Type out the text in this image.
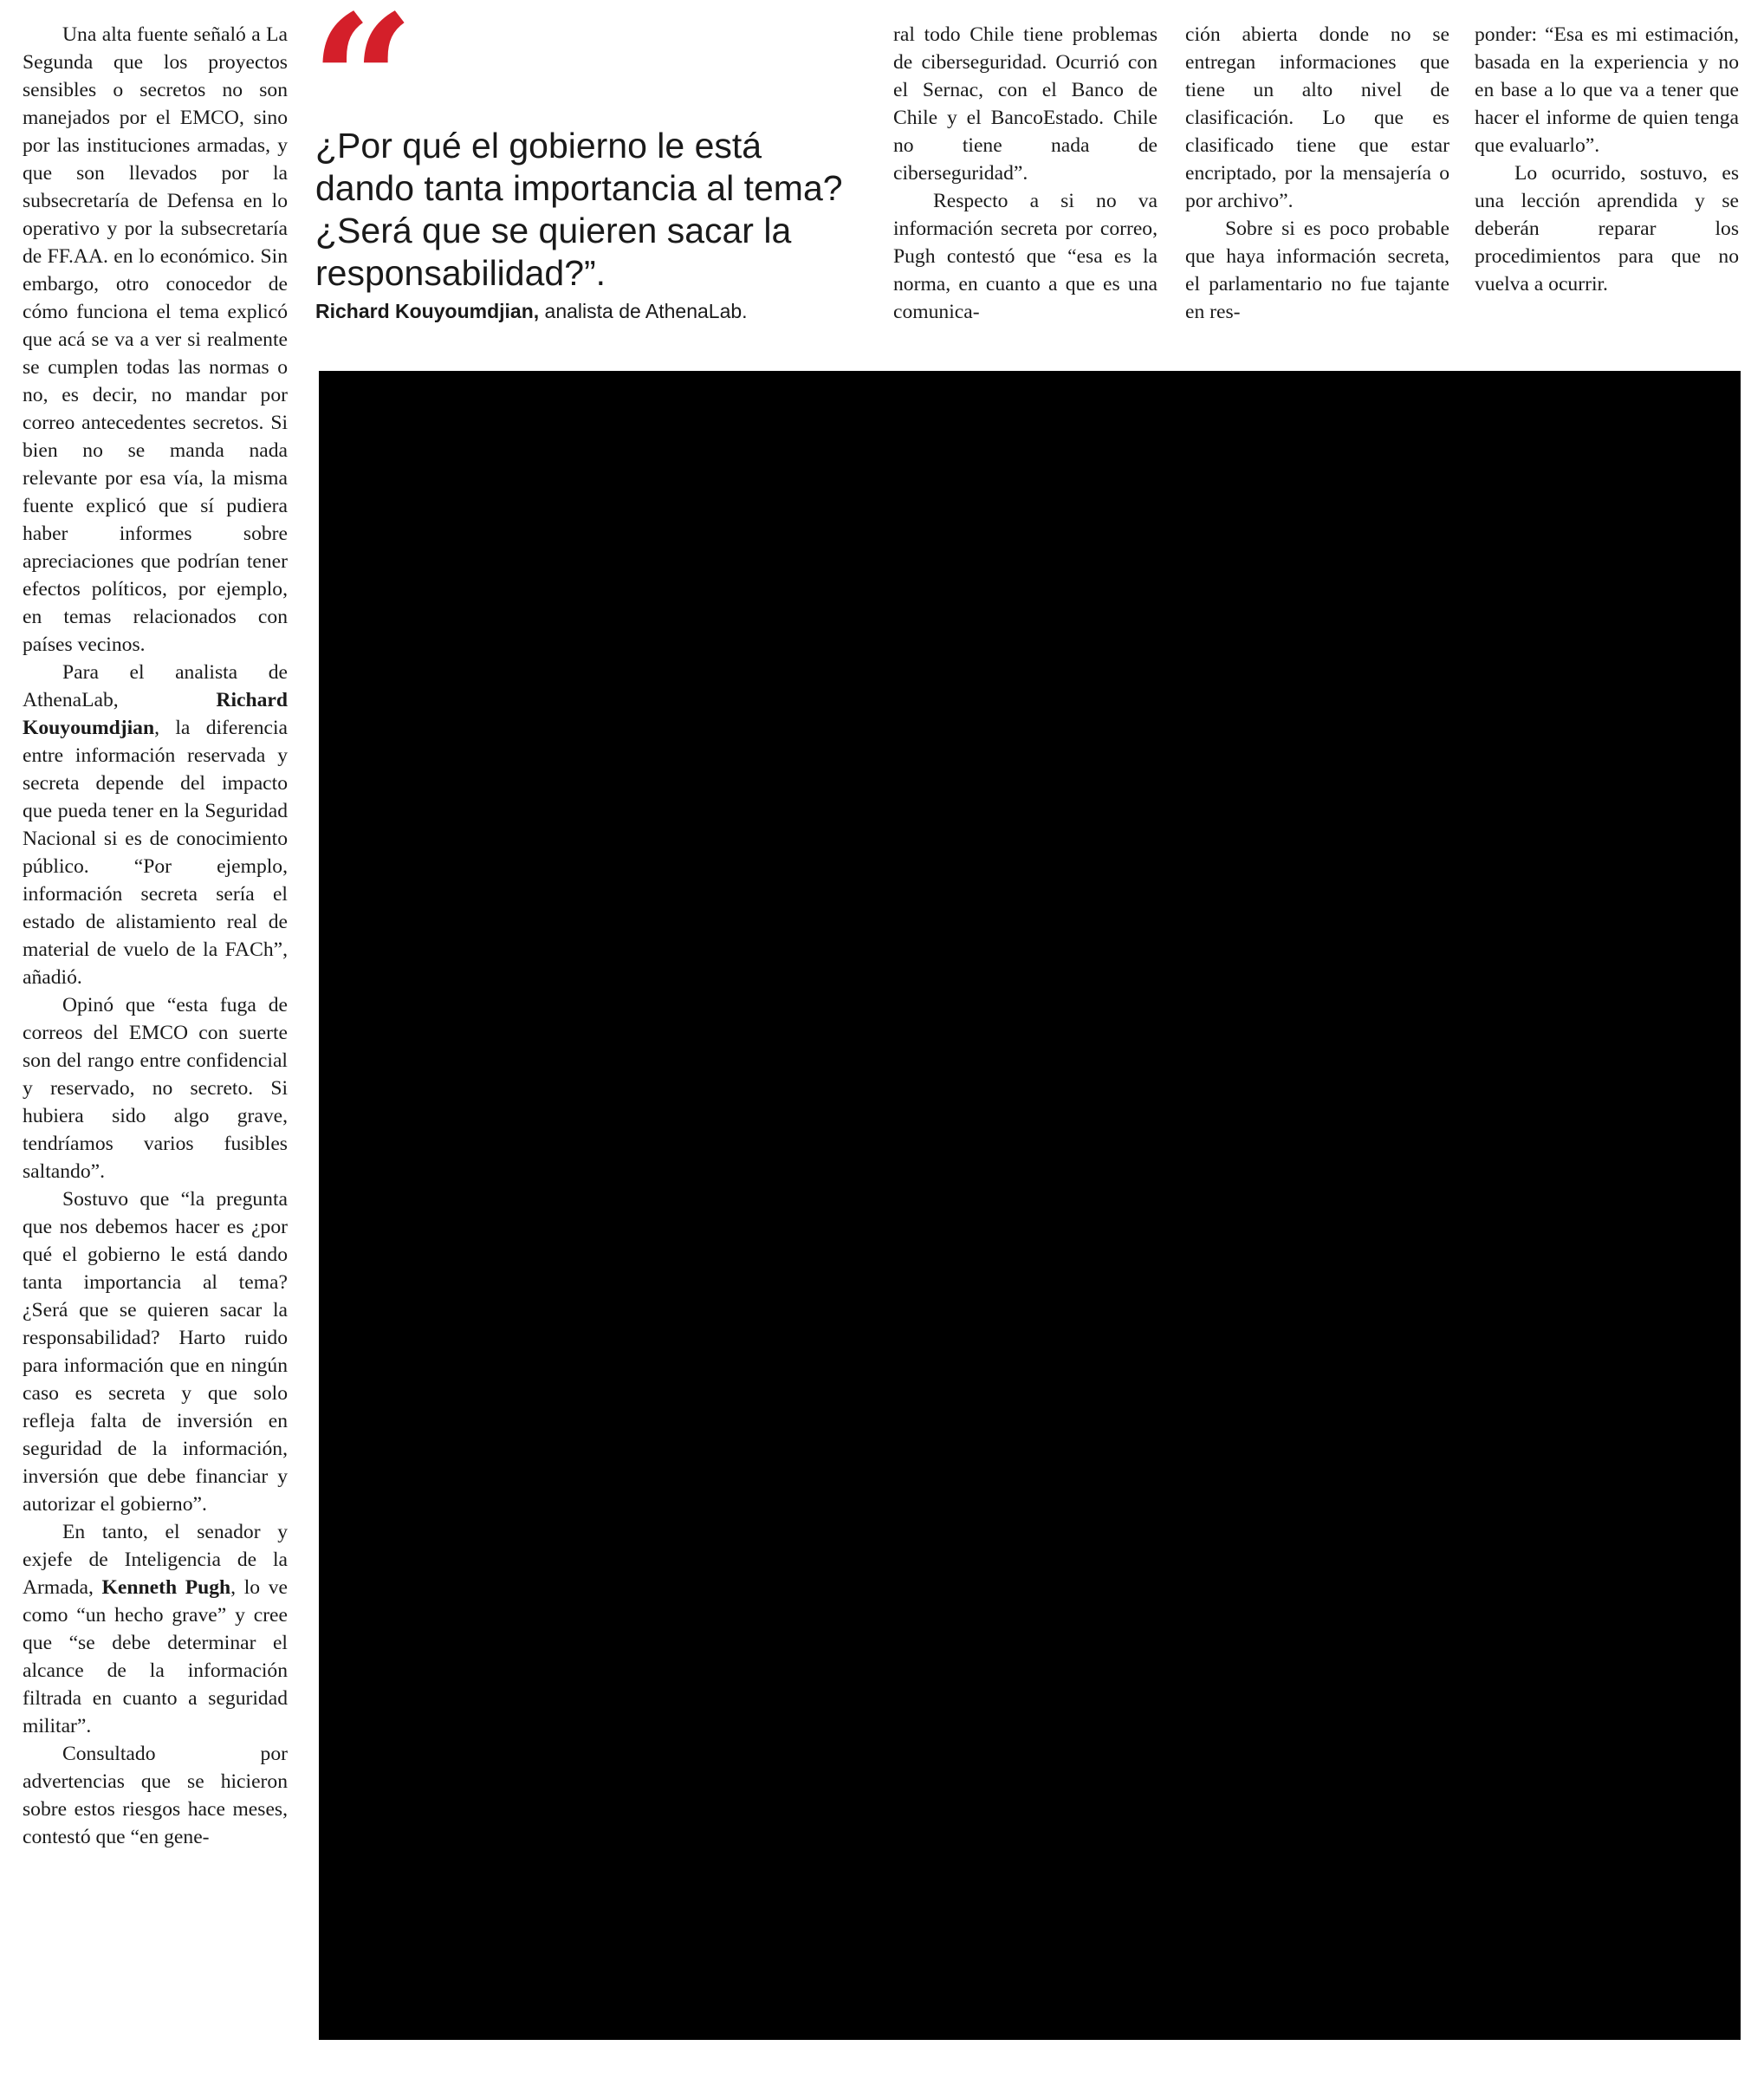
Una alta fuente señaló a La Segunda que los proyectos sensibles o secretos no son manejados por el EMCO, sino por las instituciones armadas, y que son llevados por la subsecretaría de Defensa en lo operativo y por la subsecretaría de FF.AA. en lo económico. Sin embargo, otro conocedor de cómo funciona el tema explicó que acá se va a ver si realmente se cumplen todas las normas o no, es decir, no mandar por correo antecedentes secretos. Si bien no se manda nada relevante por esa vía, la misma fuente explicó que sí pudiera haber informes sobre apreciaciones que podrían tener efectos políticos, por ejemplo, en temas relacionados con países vecinos.

Para el analista de AthenaLab, Richard Kouyoumdjian, la diferencia entre información reservada y secreta depende del impacto que pueda tener en la Seguridad Nacional si es de conocimiento público. “Por ejemplo, información secreta sería el estado de alistamiento real de material de vuelo de la FACh”, añadió.

Opinó que “esta fuga de correos del EMCO con suerte son del rango entre confidencial y reservado, no secreto. Si hubiera sido algo grave, tendríamos varios fusibles saltando”.

Sostuvo que “la pregunta que nos debemos hacer es ¿por qué el gobierno le está dando tanta importancia al tema? ¿Será que se quieren sacar la responsabilidad? Harto ruido para información que en ningún caso es secreta y que solo refleja falta de inversión en seguridad de la información, inversión que debe financiar y autorizar el gobierno”.

En tanto, el senador y exjefe de Inteligencia de la Armada, Kenneth Pugh, lo ve como “un hecho grave” y cree que “se debe determinar el alcance de la información filtrada en cuanto a seguridad militar”.

Consultado por advertencias que se hicieron sobre estos riesgos hace meses, contestó que “en gene-

“
¿Por qué el gobierno le está dando tanta importancia al tema? ¿Será que se quieren sacar la responsabilidad?”.
Richard Kouyoumdjian, analista de AthenaLab.

ral todo Chile tiene problemas de ciberseguridad. Ocurrió con el Sernac, con el Banco de Chile y el BancoEstado. Chile no tiene nada de ciberseguridad”.

Respecto a si no va información secreta por correo, Pugh contestó que “esa es la norma, en cuanto a que es una comunica-

ción abierta donde no se entregan informaciones que tiene un alto nivel de clasificación. Lo que es clasificado tiene que estar encriptado, por la mensajería o por archivo”.

Sobre si es poco probable que haya información secreta, el parlamentario no fue tajante en res-

ponder: “Esa es mi estimación, basada en la experiencia y no en base a lo que va a tener que hacer el informe de quien tenga que evaluarlo”.

Lo ocurrido, sostuvo, es una lección aprendida y se deberán reparar los procedimientos para que no vuelva a ocurrir.
